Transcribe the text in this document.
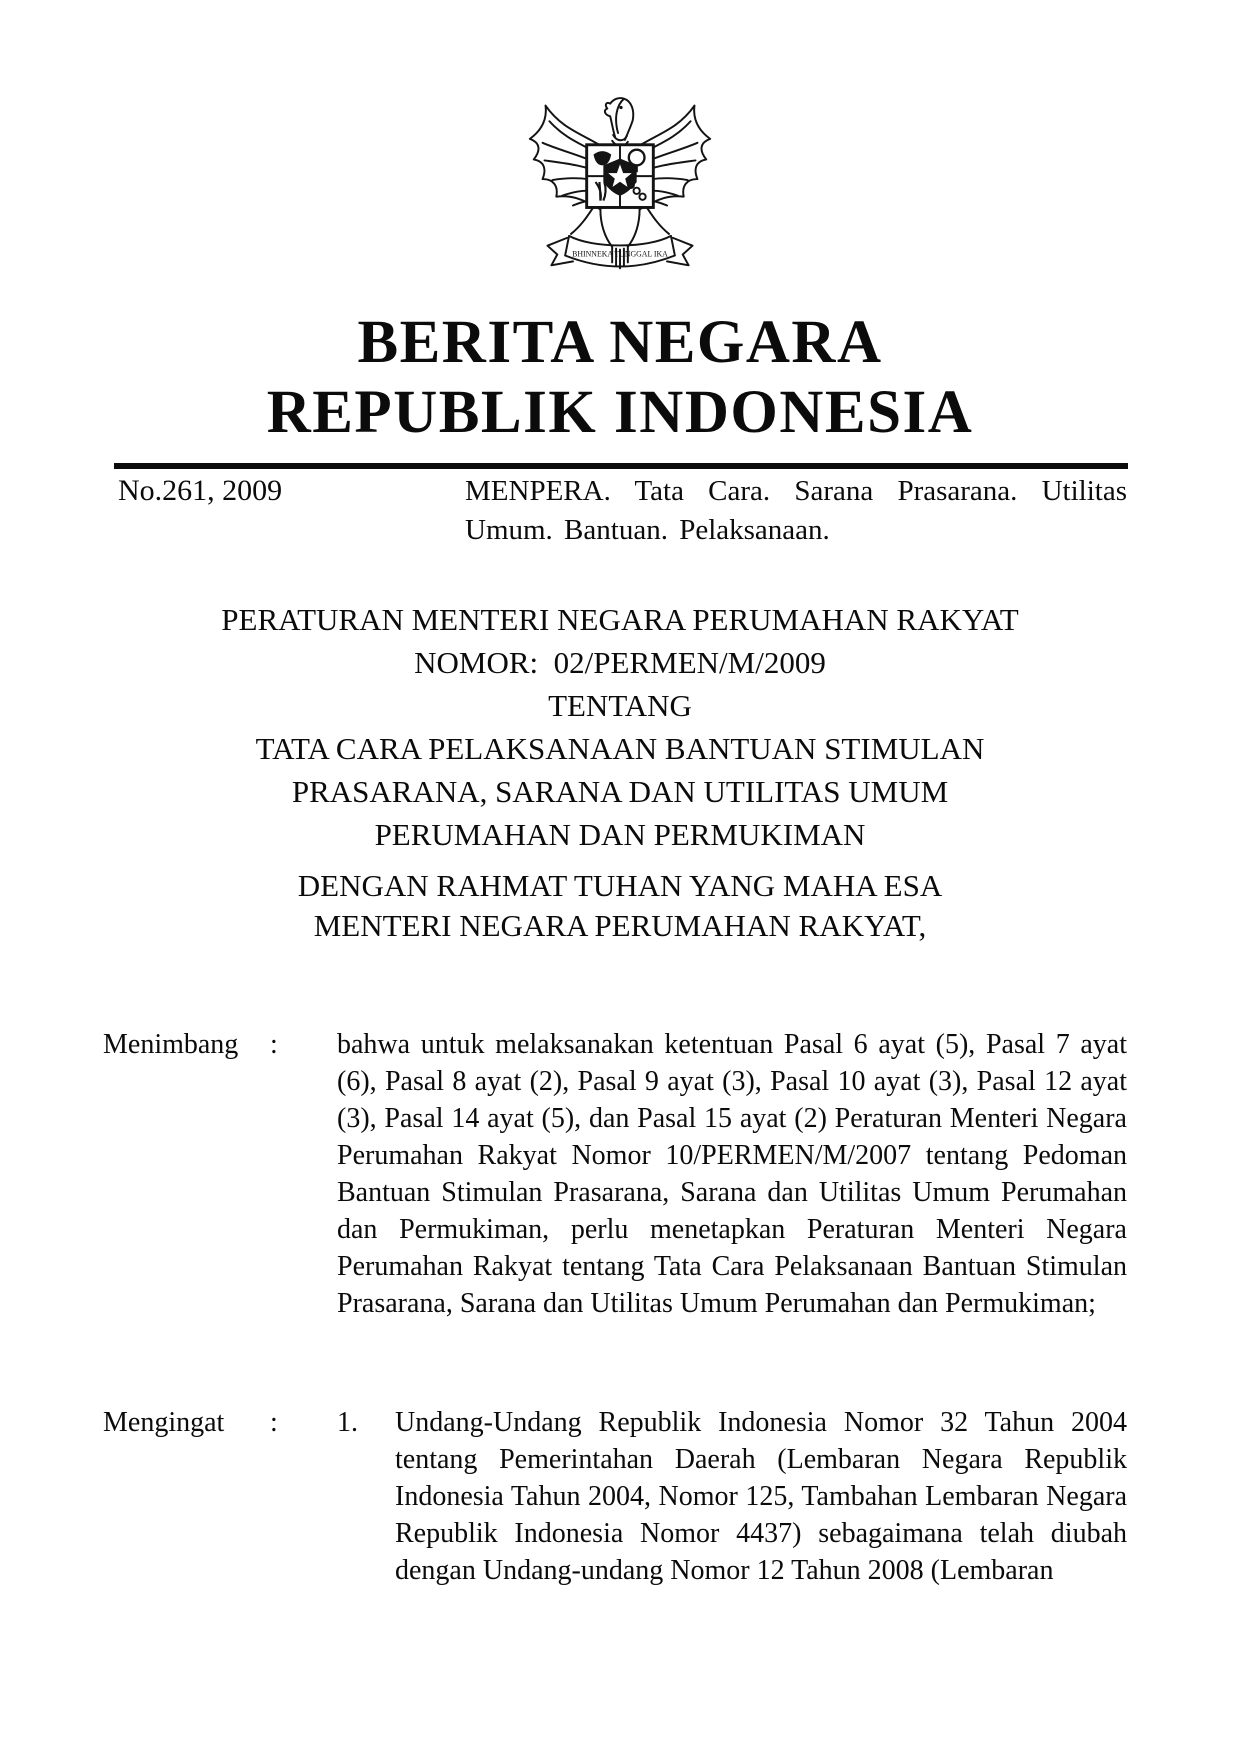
BHINNEKA TUNGGAL IKA
BERITA NEGARA
REPUBLIK INDONESIA
No.261, 2009	MENPERA. Tata Cara. Sarana Prasarana. Utilitas Umum. Bantuan. Pelaksanaan.
PERATURAN MENTERI NEGARA PERUMAHAN RAKYAT
NOMOR:  02/PERMEN/M/2009
TENTANG
TATA CARA PELAKSANAAN BANTUAN STIMULAN
PRASARANA, SARANA DAN UTILITAS UMUM
PERUMAHAN DAN PERMUKIMAN
DENGAN RAHMAT TUHAN YANG MAHA ESA
MENTERI NEGARA PERUMAHAN RAKYAT,
Menimbang	:	bahwa untuk melaksanakan ketentuan Pasal 6 ayat (5), Pasal 7 ayat (6), Pasal 8 ayat (2), Pasal 9 ayat (3), Pasal 10 ayat (3), Pasal 12 ayat (3), Pasal 14 ayat (5), dan Pasal 15 ayat (2) Peraturan Menteri Negara Perumahan Rakyat Nomor 10/PERMEN/M/2007 tentang Pedoman Bantuan Stimulan Prasarana, Sarana dan Utilitas Umum Perumahan dan Permukiman, perlu menetapkan Peraturan Menteri Negara Perumahan Rakyat tentang Tata Cara Pelaksanaan Bantuan Stimulan Prasarana, Sarana dan Utilitas Umum Perumahan dan Permukiman;
Mengingat	:	1.	Undang-Undang Republik Indonesia Nomor 32 Tahun 2004 tentang Pemerintahan Daerah (Lembaran Negara Republik Indonesia Tahun 2004, Nomor 125, Tambahan Lembaran Negara Republik Indonesia Nomor 4437) sebagaimana telah diubah dengan Undang-undang Nomor 12 Tahun 2008 (Lembaran
